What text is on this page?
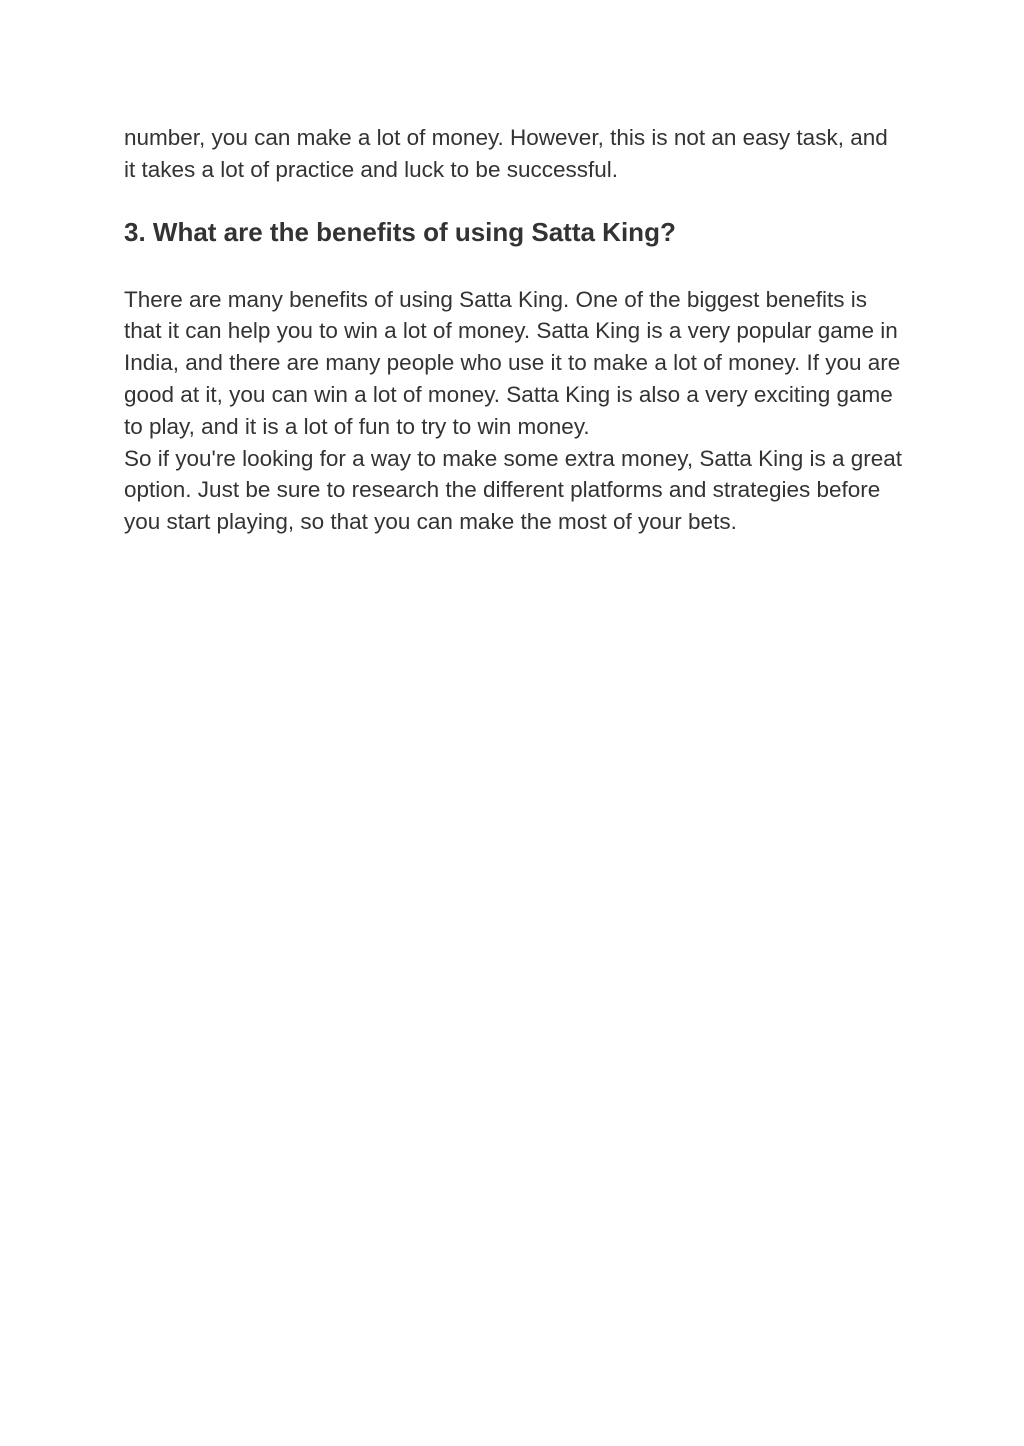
number, you can make a lot of money. However, this is not an easy task, and it takes a lot of practice and luck to be successful.

3. What are the benefits of using Satta King?

There are many benefits of using Satta King. One of the biggest benefits is that it can help you to win a lot of money. Satta King is a very popular game in India, and there are many people who use it to make a lot of money. If you are good at it, you can win a lot of money. Satta King is also a very exciting game to play, and it is a lot of fun to try to win money.

So if you're looking for a way to make some extra money, Satta King is a great option. Just be sure to research the different platforms and strategies before you start playing, so that you can make the most of your bets.
